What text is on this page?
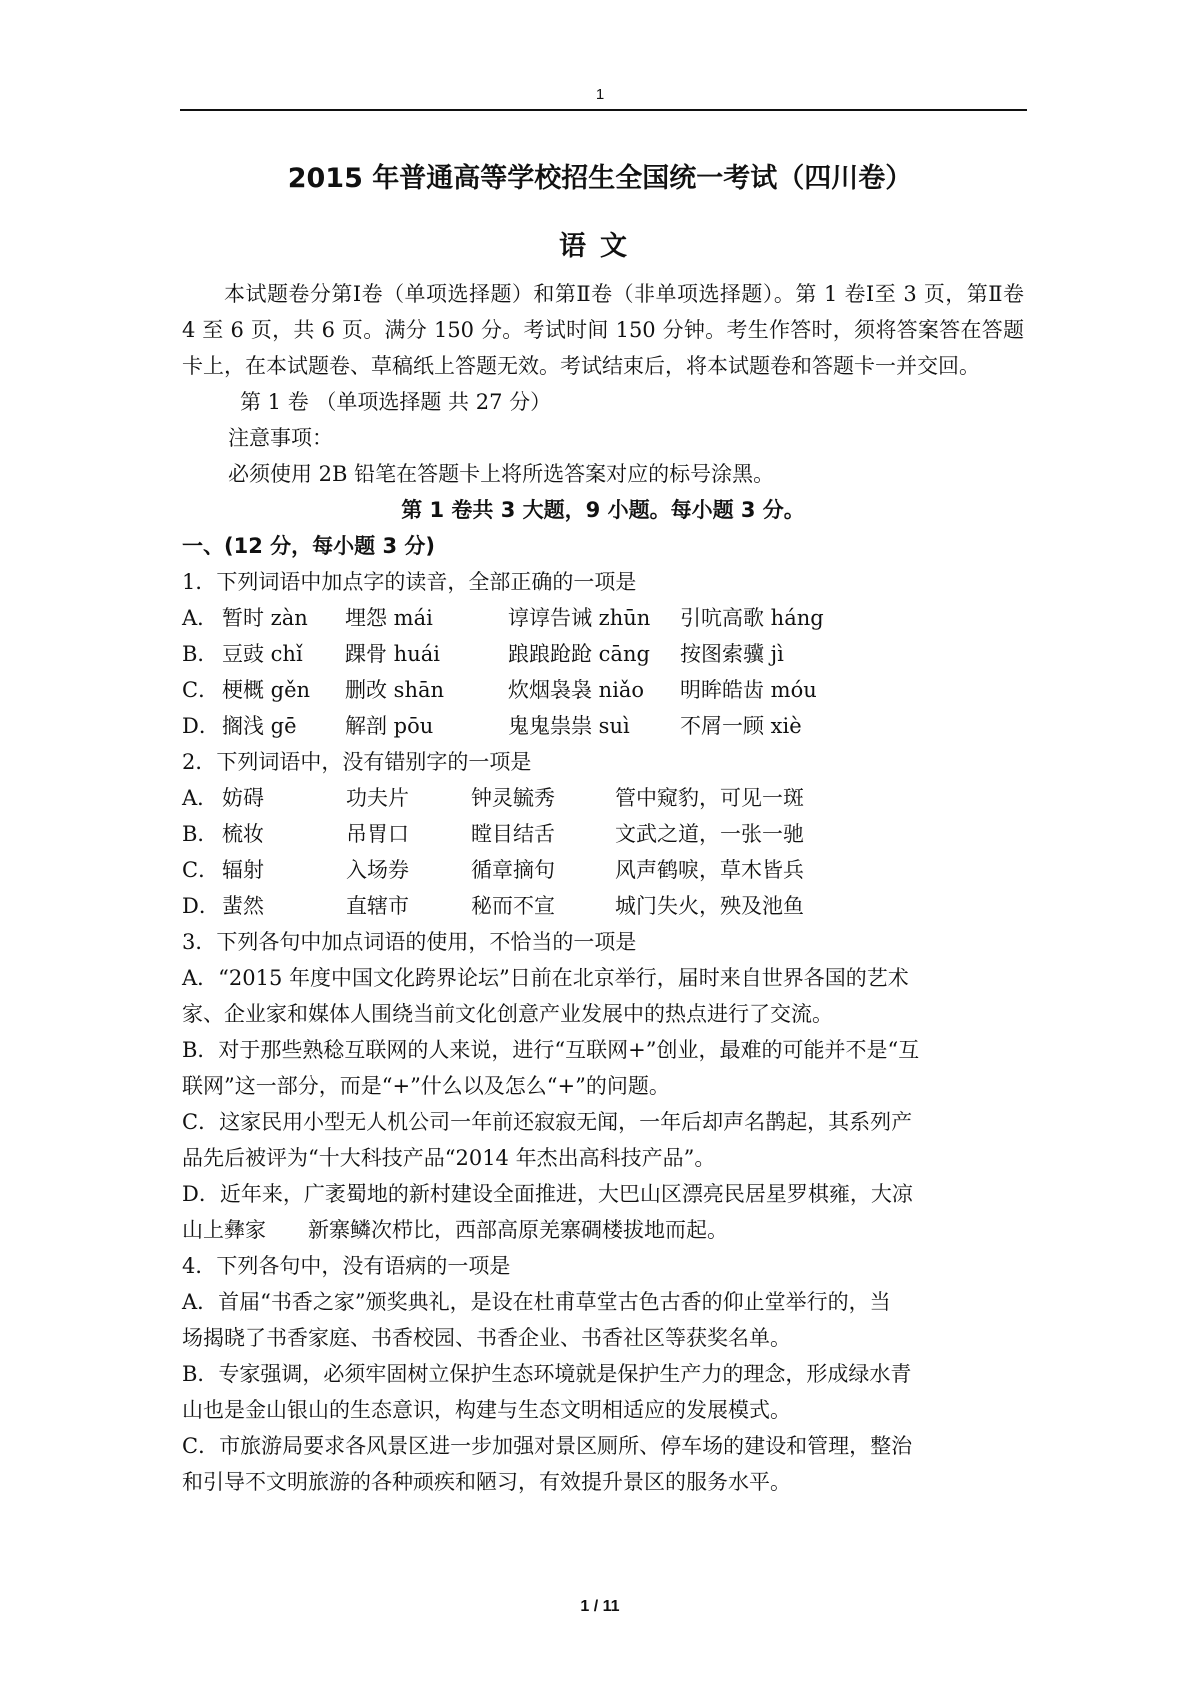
1
2015 年普通高等学校招生全国统一考试（四川卷）
语文
本试题卷分第Ⅰ卷（单项选择题）和第Ⅱ卷（非单项选择题）。第 1 卷Ⅰ至 3 页，第Ⅱ卷 4 至 6 页，共 6 页。满分 150 分。考试时间 150 分钟。考生作答时，须将答案答在答题卡上，在本试题卷、草稿纸上答题无效。考试结束后，将本试题卷和答题卡一并交回。
第 1 卷 （单项选择题 共 27 分）
注意事项：
必须使用 2B 铅笔在答题卡上将所选答案对应的标号涂黑。
第 1 卷共 3 大题，9 小题。每小题 3 分。
一、(12 分，每小题 3 分)
1．下列词语中加点字的读音，全部正确的一项是
A． 暂时 zàn	埋怨 mái	谆谆告诫 zhūn	引吭高歌 háng
B． 豆豉 chǐ	踝骨 huái	踉踉跄跄 cāng	按图索骥 jì
C． 梗概 gěn	删改 shān	炊烟袅袅 niǎo	明眸皓齿 móu
D． 搁浅 gē	解剖 pōu	鬼鬼祟祟 suì	不屑一顾 xiè
2．下列词语中，没有错别字的一项是
A． 妨碍	功夫片	钟灵毓秀	管中窥豹，可见一斑
B． 梳妆	吊胃口	瞠目结舌	文武之道，一张一驰
C． 辐射	入场券	循章摘句	风声鹤唳，草木皆兵
D． 蜚然	直辖市	秘而不宣	城门失火，殃及池鱼
3．下列各句中加点词语的使用，不恰当的一项是
A．“2015 年度中国文化跨界论坛”日前在北京举行，届时来自世界各国的艺术
家、企业家和媒体人围绕当前文化创意产业发展中的热点进行了交流。
B．对于那些熟稔互联网的人来说，进行“互联网+”创业，最难的可能并不是“互
联网”这一部分，而是“+”什么以及怎么“+”的问题。
C．这家民用小型无人机公司一年前还寂寂无闻，一年后却声名鹊起，其系列产
品先后被评为“十大科技产品“2014 年杰出高科技产品”。
D．近年来，广袤蜀地的新村建设全面推进，大巴山区漂亮民居星罗棋雍，大凉
山上彝家　　新寨鳞次栉比，西部高原羌寨碉楼拔地而起。
4．下列各句中，没有语病的一项是
A．首届“书香之家”颁奖典礼，是设在杜甫草堂古色古香的仰止堂举行的，当
场揭晓了书香家庭、书香校园、书香企业、书香社区等获奖名单。
B．专家强调，必须牢固树立保护生态环境就是保护生产力的理念，形成绿水青
山也是金山银山的生态意识，构建与生态文明相适应的发展模式。
C．市旅游局要求各风景区进一步加强对景区厕所、停车场的建设和管理，整治
和引导不文明旅游的各种顽疾和陋习，有效提升景区的服务水平。
1 / 11
